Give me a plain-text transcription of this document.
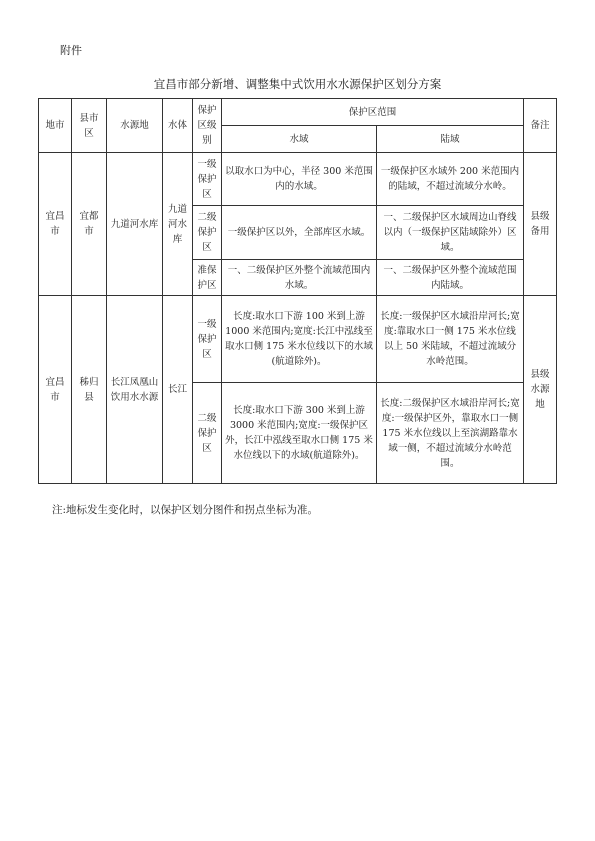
附件
宜昌市部分新增、调整集中式饮用水水源保护区划分方案
地市	县市区	水源地	水体	保护区级别	保护区范围		备注
					水域	陆域	
宜昌市	宜都市	九道河水库	九道河水库	一级保护区	以取水口为中心，半径 300 米范围内的水域。	一级保护区水域外 200 米范围内的陆域，不超过流域分水岭。	县级备用
				二级保护区	一级保护区以外，全部库区水域。	一、二级保护区水域周边山脊线以内（一级保护区陆域除外）区域。	
				准保护区	一、二级保护区外整个流域范围内水域。	一、二级保护区外整个流域范围内陆域。	
宜昌市	秭归县	长江凤凰山饮用水水源	长江	一级保护区	长度:取水口下游 100 米到上游 1000 米范围内;宽度:长江中泓线至取水口侧 175 米水位线以下的水域(航道除外)。	长度:一级保护区水域沿岸河长;宽度:靠取水口一侧 175 米水位线以上 50 米陆域，不超过流域分水岭范围。	县级水源地
				二级保护区	长度:取水口下游 300 米到上游 3000 米范围内;宽度:一级保护区外，长江中泓线至取水口侧 175 米水位线以下的水域(航道除外)。	长度:二级保护区水域沿岸河长;宽度:一级保护区外，靠取水口一侧 175 米水位线以上至滨湖路靠水域一侧，不超过流域分水岭范围。	
注:地标发生变化时，以保护区划分图件和拐点坐标为准。
